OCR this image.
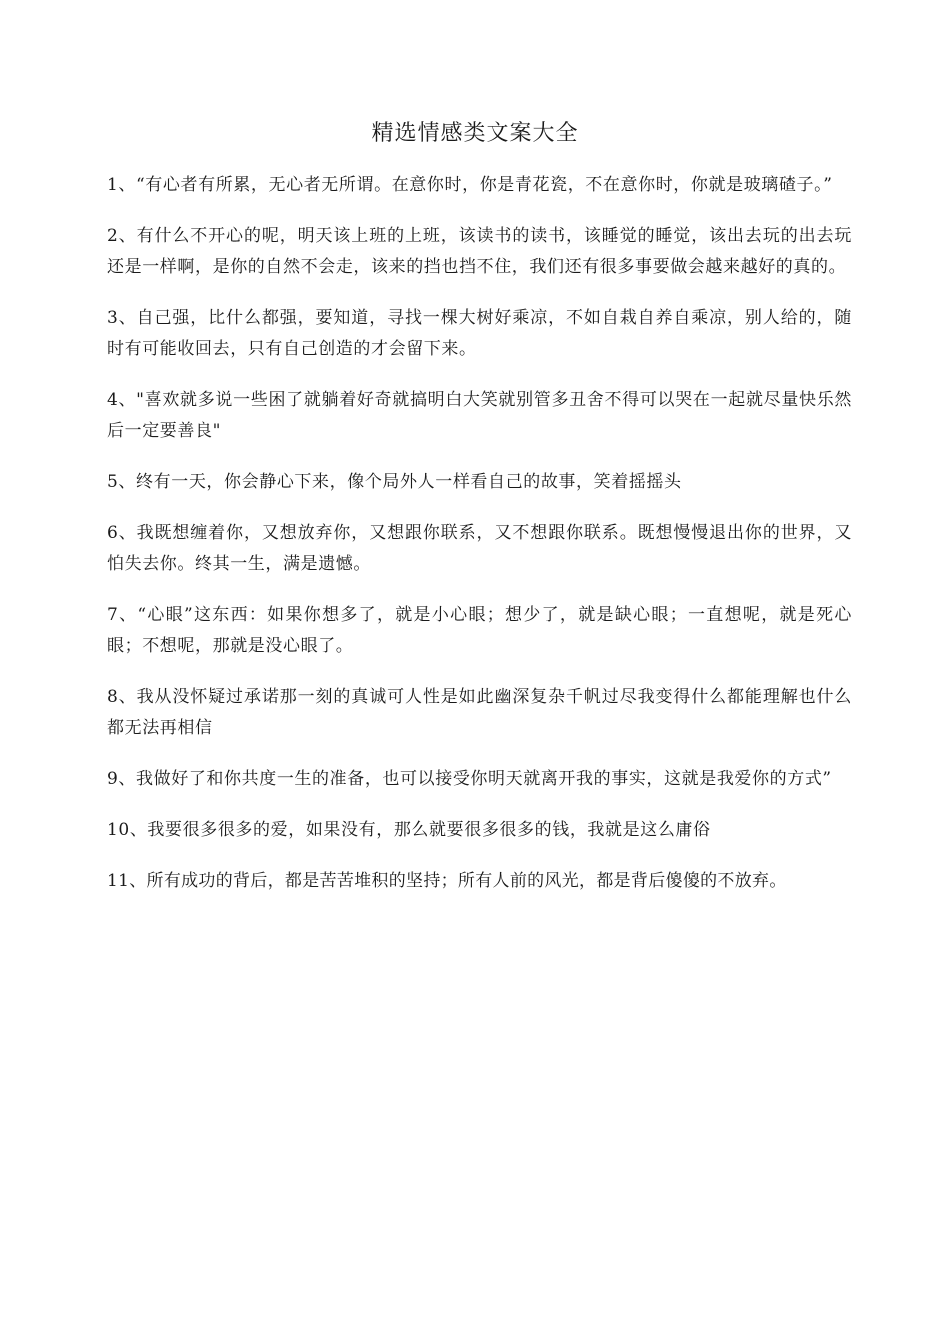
精选情感类文案大全

1、“有心者有所累，无心者无所谓。在意你时，你是青花瓷，不在意你时，你就是玻璃碴子。”

2、有什么不开心的呢，明天该上班的上班，该读书的读书，该睡觉的睡觉，该出去玩的出去玩还是一样啊，是你的自然不会走，该来的挡也挡不住，我们还有很多事要做会越来越好的真的。

3、自己强，比什么都强，要知道，寻找一棵大树好乘凉，不如自栽自养自乘凉，别人给的，随时有可能收回去，只有自己创造的才会留下来。

4、"喜欢就多说一些困了就躺着好奇就搞明白大笑就别管多丑舍不得可以哭在一起就尽量快乐然后一定要善良"

5、终有一天，你会静心下来，像个局外人一样看自己的故事，笑着摇摇头

6、我既想缠着你，又想放弃你，又想跟你联系，又不想跟你联系。既想慢慢退出你的世界，又怕失去你。终其一生，满是遗憾。

7、“心眼”这东西：如果你想多了，就是小心眼；想少了，就是缺心眼；一直想呢，就是死心眼；不想呢，那就是没心眼了。

8、我从没怀疑过承诺那一刻的真诚可人性是如此幽深复杂千帆过尽我变得什么都能理解也什么都无法再相信

9、我做好了和你共度一生的准备，也可以接受你明天就离开我的事实，这就是我爱你的方式”

10、我要很多很多的爱，如果没有，那么就要很多很多的钱，我就是这么庸俗

11、所有成功的背后，都是苦苦堆积的坚持；所有人前的风光，都是背后傻傻的不放弃。
